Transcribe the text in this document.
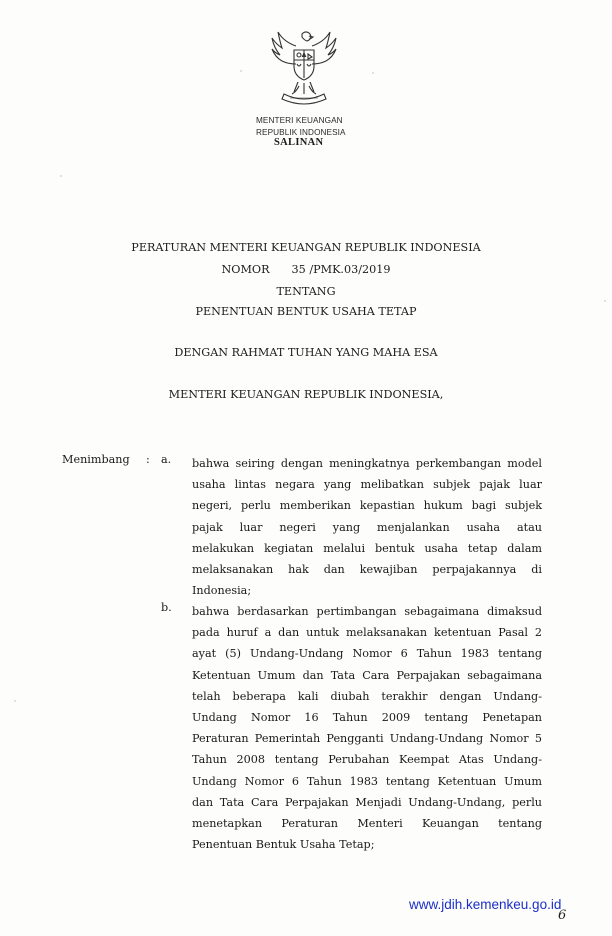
MENTERI KEUANGAN
REPUBLIK INDONESIA
SALINAN
PERATURAN MENTERI KEUANGAN REPUBLIK INDONESIA
NOMOR 35 /PMK.03/2019
TENTANG
PENENTUAN BENTUK USAHA TETAP
DENGAN RAHMAT TUHAN YANG MAHA ESA
MENTERI KEUANGAN REPUBLIK INDONESIA,
Menimbang : a. bahwa seiring dengan meningkatnya perkembangan model
usaha lintas negara yang melibatkan subjek pajak luar
negeri, perlu memberikan kepastian hukum bagi subjek
pajak luar negeri yang menjalankan usaha atau
melakukan kegiatan melalui bentuk usaha tetap dalam
melaksanakan hak dan kewajiban perpajakannya di
Indonesia;
b. bahwa berdasarkan pertimbangan sebagaimana dimaksud
pada huruf a dan untuk melaksanakan ketentuan Pasal 2
ayat (5) Undang-Undang Nomor 6 Tahun 1983 tentang
Ketentuan Umum dan Tata Cara Perpajakan sebagaimana
telah beberapa kali diubah terakhir dengan Undang-
Undang Nomor 16 Tahun 2009 tentang Penetapan
Peraturan Pemerintah Pengganti Undang-Undang Nomor 5
Tahun 2008 tentang Perubahan Keempat Atas Undang-
Undang Nomor 6 Tahun 1983 tentang Ketentuan Umum
dan Tata Cara Perpajakan Menjadi Undang-Undang, perlu
menetapkan Peraturan Menteri Keuangan tentang
Penentuan Bentuk Usaha Tetap;
www.jdih.kemenkeu.go.id
6
